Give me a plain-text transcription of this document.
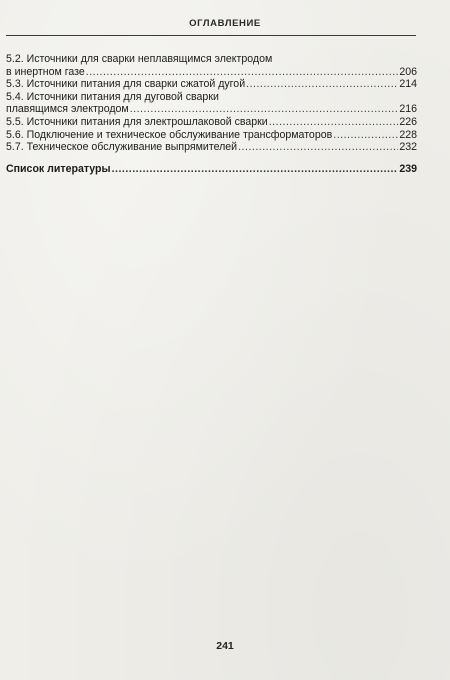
ОГЛАВЛЕНИЕ
5.2. Источники для сварки неплавящимся электродом
в инертном газе .....	206
5.3. Источники питания для сварки сжатой дугой .....	214
5.4. Источники питания для дуговой сварки
плавящимся электродом .....	216
5.5. Источники питания для электрошлаковой сварки .....	226
5.6. Подключение и техническое обслуживание трансформаторов .....	228
5.7. Техническое обслуживание выпрямителей .....	232
Список литературы .....	239
241
